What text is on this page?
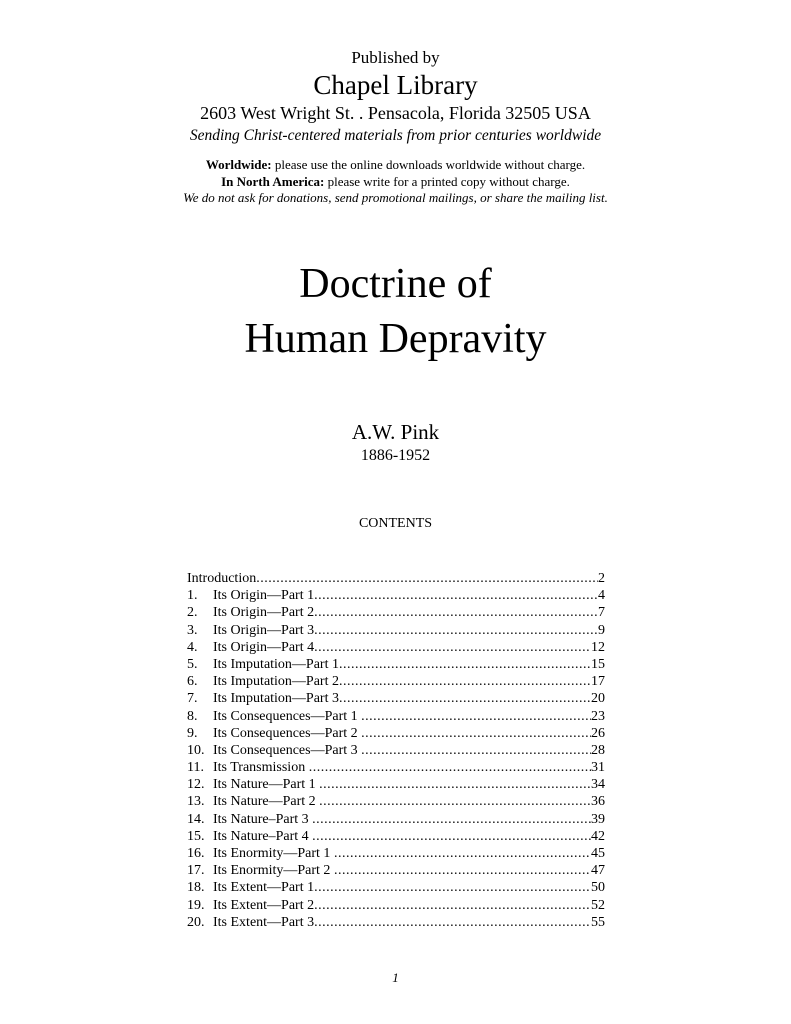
Published by
Chapel Library
2603 West Wright St. . Pensacola, Florida 32505 USA
Sending Christ-centered materials from prior centuries worldwide
Worldwide: please use the online downloads worldwide without charge.
In North America: please write for a printed copy without charge.
We do not ask for donations, send promotional mailings, or share the mailing list.
Doctrine of
Human Depravity
A.W. Pink
1886-1952
CONTENTS
Introduction .....	2
1.	Its Origin—Part 1 .....	4
2.	Its Origin—Part 2 .....	7
3.	Its Origin—Part 3 .....	9
4.	Its Origin—Part 4 .....	12
5.	Its Imputation—Part 1 .....	15
6.	Its Imputation—Part 2 .....	17
7.	Its Imputation—Part 3 .....	20
8.	Its Consequences—Part 1 .....	23
9.	Its Consequences—Part 2 .....	26
10. Its Consequences—Part 3 .....	28
11. Its Transmission .....	31
12. Its Nature—Part 1 .....	34
13. Its Nature—Part 2 .....	36
14. Its Nature–Part 3 .....	39
15. Its Nature–Part 4 .....	42
16. Its Enormity—Part 1 .....	45
17. Its Enormity—Part 2 .....	47
18. Its Extent—Part 1 .....	50
19. Its Extent—Part 2 .....	52
20. Its Extent—Part 3 .....	55
1
